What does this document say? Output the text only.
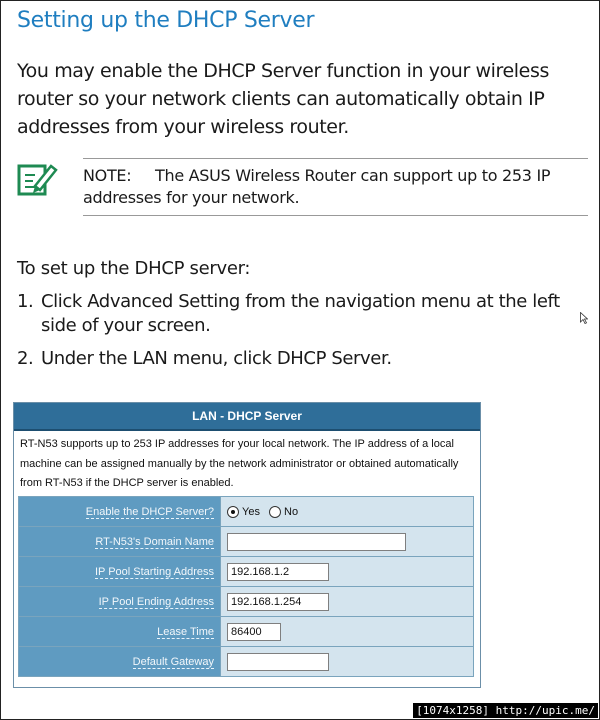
Setting up the DHCP Server
You may enable the DHCP Server function in your wireless router so your network clients can automatically obtain IP addresses from your wireless router.
NOTE: The ASUS Wireless Router can support up to 253 IP addresses for your network.
To set up the DHCP server:
1. Click Advanced Setting from the navigation menu at the left side of your screen.
2. Under the LAN menu, click DHCP Server.
LAN - DHCP Server
RT-N53 supports up to 253 IP addresses for your local network. The IP address of a local machine can be assigned manually by the network administrator or obtained automatically from RT-N53 if the DHCP server is enabled.
Enable the DHCP Server?	Yes No
RT-N53's Domain Name	
IP Pool Starting Address	192.168.1.2
IP Pool Ending Address	192.168.1.254
Lease Time	86400
Default Gateway	
[1074x1258] http://upic.me/
